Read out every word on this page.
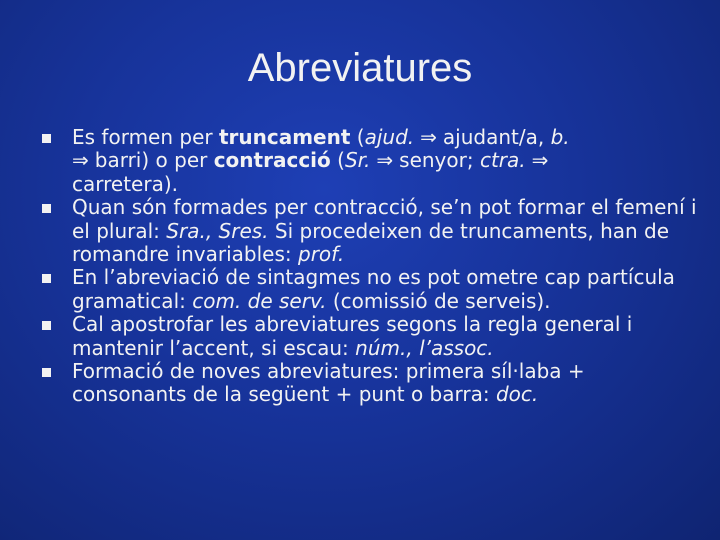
Abreviatures
Es formen per truncament (ajud. ⇒ ajudant/a, b.
⇒ barri) o per contracció (Sr. ⇒ senyor; ctra. ⇒
carretera).
Quan són formades per contracció, se’n pot formar el femení i el plural: Sra., Sres. Si procedeixen de truncaments, han de romandre invariables: prof.
En l’abreviació de sintagmes no es pot ometre cap partícula gramatical: com. de serv. (comissió de serveis).
Cal apostrofar les abreviatures segons la regla general i mantenir l’accent, si escau: núm., l’assoc.
Formació de noves abreviatures: primera síl·laba + consonants de la següent + punt o barra: doc.
